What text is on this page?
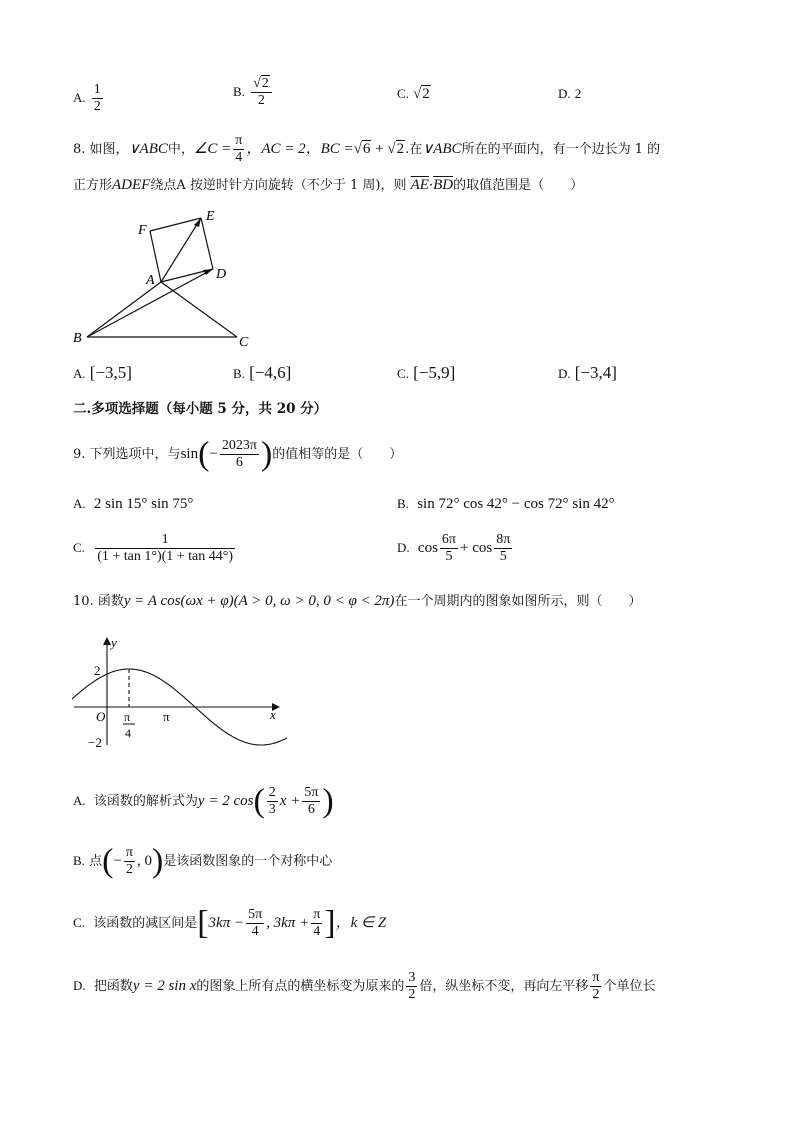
A. $\frac{1}{2}$	B. $\frac{√2}{2}$	C. √2	D. 2
8. 如图，∨ABC中，∠C = $\frac{\pi}{4}$ ，AC = 2，BC =√6 + √2.在∨ABC所在的平面内，有一个边长为 1 的
正方形ADEF绕点A 按逆时针方向旋转（不少于 1 周)，则 $\overline{AE}\cdot\overline{BD}$的取值范围是（　　）
F
E
A	D
B	C
A. [−3,5]	B. [−4,6]	C. [−5,9]	D. [−3,4]
二.多项选择题（每小题 5 分，共 20 分）
9. 下列选项中，与$\sin(- \frac{2023\pi}{6}$ )的值相等的是（　　）
A. 2 sin 15° sin 75°	B. sin 72° cos 42° − cos 72° sin 42°
C. $\frac{1}{(1 + \tan 1^\circ)(1 + \tan 44^\circ)}$	D. $\cos \frac{6\pi}{5} + \cos \frac{8\pi}{5}$
10. 函数y = A cos(ωx + φ)(A > 0, ω > 0, 0 < φ < 2π)在一个周期内的图象如图所示，则（　　）
y
x
O
2
−2
π
π
4
A. 该函数的解析式为y = 2 $\cos( \frac{2}{3}$ $x + \frac{5\pi}{6}$ )
B. 点(− $\frac{\pi}{2}$ , 0)是该函数图象的一个对称中心
C. 该函数的减区间是[$3k\pi - \frac{5\pi}{4}$ , $3k\pi + \frac{\pi}{4}$ ]，k ∈ Z
D. 把函数y = 2 sin x的图象上所有点的横坐标变为原来的 $\frac{3}{2}$ 倍，纵坐标不变，再向左平移 $\frac{\pi}{2}$ 个单位长
